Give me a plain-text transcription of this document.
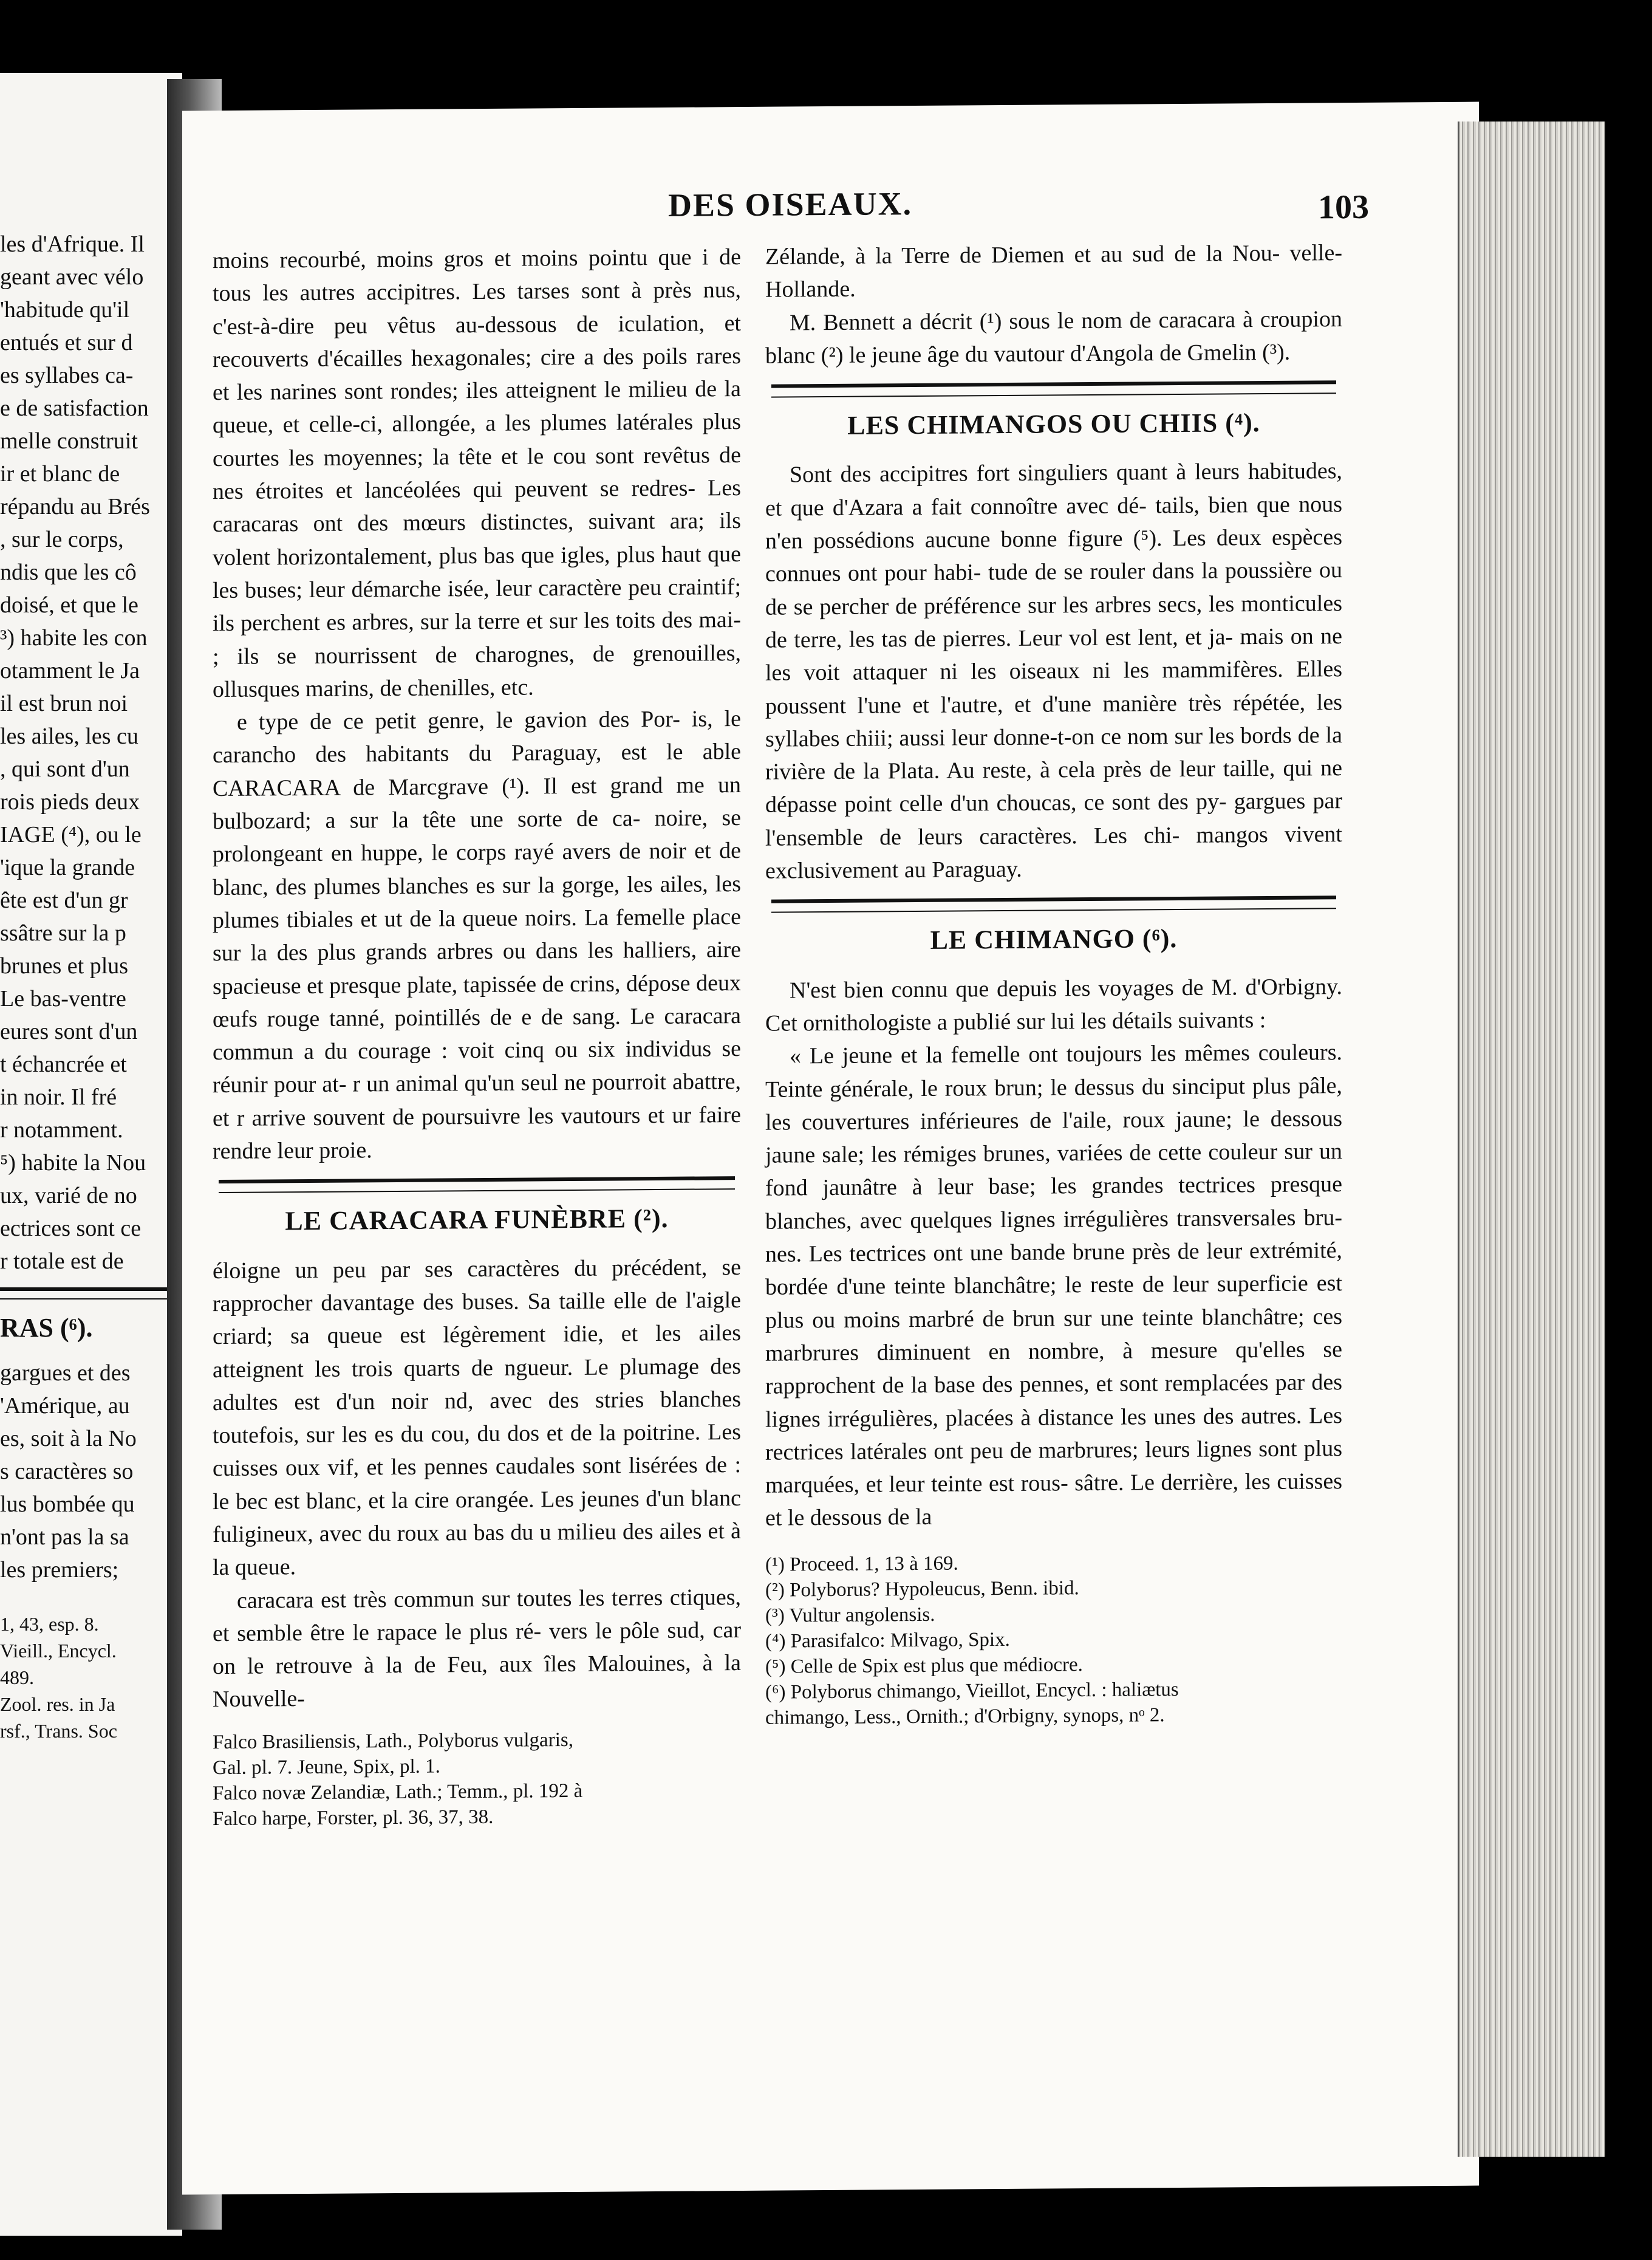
les d'Afrique. Il
geant avec vélo
'habitude qu'il
entués et sur d
es syllabes ca-
e de satisfaction
melle construit
ir et blanc de
répandu au Brés
, sur le corps,
ndis que les cô
doisé, et que le
³) habite les con
otamment le Ja
il est brun noi
les ailes, les cu
, qui sont d'un
rois pieds deux
IAGE (⁴), ou le
'ique la grande
ête est d'un gr
ssâtre sur la p
brunes et plus
Le bas-ventre
eures sont d'un
t échancrée et
in noir. Il fré
r notamment.
⁵) habite la Nou
ux, varié de no
ectrices sont ce
r totale est de
RAS (⁶).
gargues et des
'Amérique, au
es, soit à la No
s caractères so
lus bombée qu
n'ont pas la sa
les premiers;
1, 43, esp. 8.
Vieill., Encycl.
489.
Zool. res. in Ja
rsf., Trans. Soc
DES OISEAUX.	103

moins recourbé, moins gros et moins pointu que i de tous les autres accipitres. Les tarses sont à près nus, c'est-à-dire peu vêtus au-dessous de iculation, et recouverts d'écailles hexagonales; cire a des poils rares et les narines sont rondes; iles atteignent le milieu de la queue, et celle-ci, allongée, a les plumes latérales plus courtes les moyennes; la tête et le cou sont revêtus de nes étroites et lancéolées qui peuvent se redres- Les caracaras ont des mœurs distinctes, suivant ara; ils volent horizontalement, plus bas que igles, plus haut que les buses; leur démarche isée, leur caractère peu craintif; ils perchent es arbres, sur la terre et sur les toits des mai- ; ils se nourrissent de charognes, de grenouilles, ollusques marins, de chenilles, etc.

e type de ce petit genre, le gavion des Por- is, le carancho des habitants du Paraguay, est le able CARACARA de Marcgrave (¹). Il est grand me un bulbozard; a sur la tête une sorte de ca- noire, se prolongeant en huppe, le corps rayé avers de noir et de blanc, des plumes blanches es sur la gorge, les ailes, les plumes tibiales et ut de la queue noirs. La femelle place sur la des plus grands arbres ou dans les halliers, aire spacieuse et presque plate, tapissée de crins, dépose deux œufs rouge tanné, pointillés de e de sang. Le caracara commun a du courage : voit cinq ou six individus se réunir pour at- r un animal qu'un seul ne pourroit abattre, et r arrive souvent de poursuivre les vautours et ur faire rendre leur proie.

LE CARACARA FUNÈBRE (²).

éloigne un peu par ses caractères du précédent, se rapprocher davantage des buses. Sa taille elle de l'aigle criard; sa queue est légèrement idie, et les ailes atteignent les trois quarts de ngueur. Le plumage des adultes est d'un noir nd, avec des stries blanches toutefois, sur les es du cou, du dos et de la poitrine. Les cuisses oux vif, et les pennes caudales sont lisérées de : le bec est blanc, et la cire orangée. Les jeunes d'un blanc fuligineux, avec du roux au bas du u milieu des ailes et à la queue.

caracara est très commun sur toutes les terres ctiques, et semble être le rapace le plus ré- vers le pôle sud, car on le retrouve à la de Feu, aux îles Malouines, à la Nouvelle-

Falco Brasiliensis, Lath., Polyborus vulgaris,
Gal. pl. 7. Jeune, Spix, pl. 1.
Falco novæ Zelandiæ, Lath.; Temm., pl. 192 à
Falco harpe, Forster, pl. 36, 37, 38.

Zélande, à la Terre de Diemen et au sud de la Nou- velle-Hollande.

M. Bennett a décrit (¹) sous le nom de caracara à croupion blanc (²) le jeune âge du vautour d'Angola de Gmelin (³).

LES CHIMANGOS OU CHIIS (⁴).

Sont des accipitres fort singuliers quant à leurs habitudes, et que d'Azara a fait connoître avec dé- tails, bien que nous n'en possédions aucune bonne figure (⁵). Les deux espèces connues ont pour habi- tude de se rouler dans la poussière ou de se percher de préférence sur les arbres secs, les monticules de terre, les tas de pierres. Leur vol est lent, et ja- mais on ne les voit attaquer ni les oiseaux ni les mammifères. Elles poussent l'une et l'autre, et d'une manière très répétée, les syllabes chiii; aussi leur donne-t-on ce nom sur les bords de la rivière de la Plata. Au reste, à cela près de leur taille, qui ne dépasse point celle d'un choucas, ce sont des py- gargues par l'ensemble de leurs caractères. Les chi- mangos vivent exclusivement au Paraguay.

LE CHIMANGO (⁶).

N'est bien connu que depuis les voyages de M. d'Orbigny. Cet ornithologiste a publié sur lui les détails suivants :

« Le jeune et la femelle ont toujours les mêmes couleurs. Teinte générale, le roux brun; le dessus du sinciput plus pâle, les couvertures inférieures de l'aile, roux jaune; le dessous jaune sale; les rémiges brunes, variées de cette couleur sur un fond jaunâtre à leur base; les grandes tectrices presque blanches, avec quelques lignes irrégulières transversales bru- nes. Les tectrices ont une bande brune près de leur extrémité, bordée d'une teinte blanchâtre; le reste de leur superficie est plus ou moins marbré de brun sur une teinte blanchâtre; ces marbrures diminuent en nombre, à mesure qu'elles se rapprochent de la base des pennes, et sont remplacées par des lignes irrégulières, placées à distance les unes des autres. Les rectrices latérales ont peu de marbrures; leurs lignes sont plus marquées, et leur teinte est rous- sâtre. Le derrière, les cuisses et le dessous de la

(¹) Proceed. 1, 13 à 169.
(²) Polyborus? Hypoleucus, Benn. ibid.
(³) Vultur angolensis.
(⁴) Parasifalco: Milvago, Spix.
(⁵) Celle de Spix est plus que médiocre.
(⁶) Polyborus chimango, Vieillot, Encycl. : haliætus
chimango, Less., Ornith.; d'Orbigny, synops, nᵒ 2.
